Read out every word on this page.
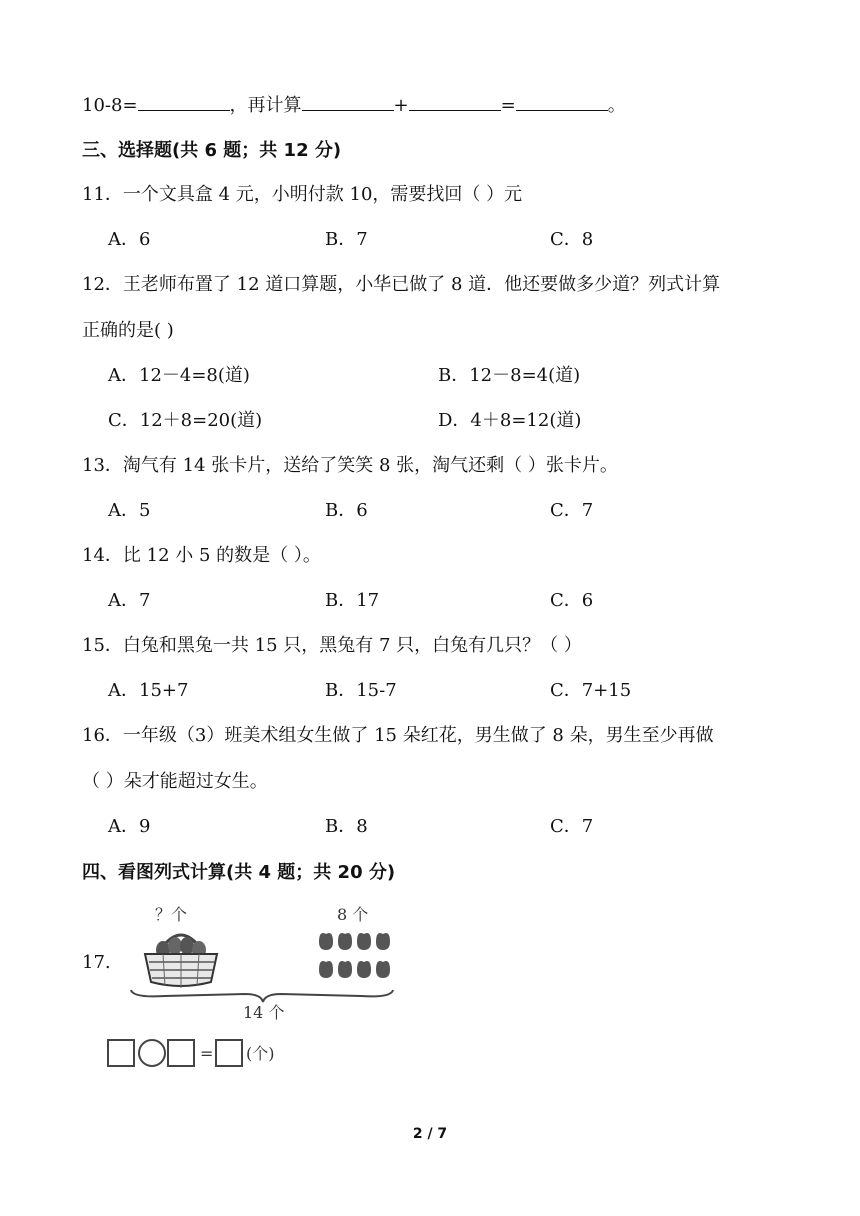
10-8=	，再计算	+	=	。
三、选择题(共 6 题；共 12 分)
11．一个文具盒 4 元，小明付款 10，需要找回（ ）元
A．6	B．7	C．8
12．王老师布置了 12 道口算题，小华已做了 8 道．他还要做多少道？列式计算
正确的是( )
A．12－4=8(道)	B．12－8=4(道)
C．12＋8=20(道)	D．4＋8=12(道)
13．淘气有 14 张卡片，送给了笑笑 8 张，淘气还剩（ ）张卡片。
A．5	B．6	C．7
14．比 12 小 5 的数是（ ）。
A．7	B．17	C．6
15．白兔和黑兔一共 15 只，黑兔有 7 只，白兔有几只？（ ）
A．15+7	B．15-7	C．7+15
16．一年级（3）班美术组女生做了 15 朵红花，男生做了 8 朵，男生至少再做
（ ）朵才能超过女生。
A．9	B．8	C．7
四、看图列式计算(共 4 题；共 20 分)
17.
？个	8 个
14 个
= (个)
2 / 7
